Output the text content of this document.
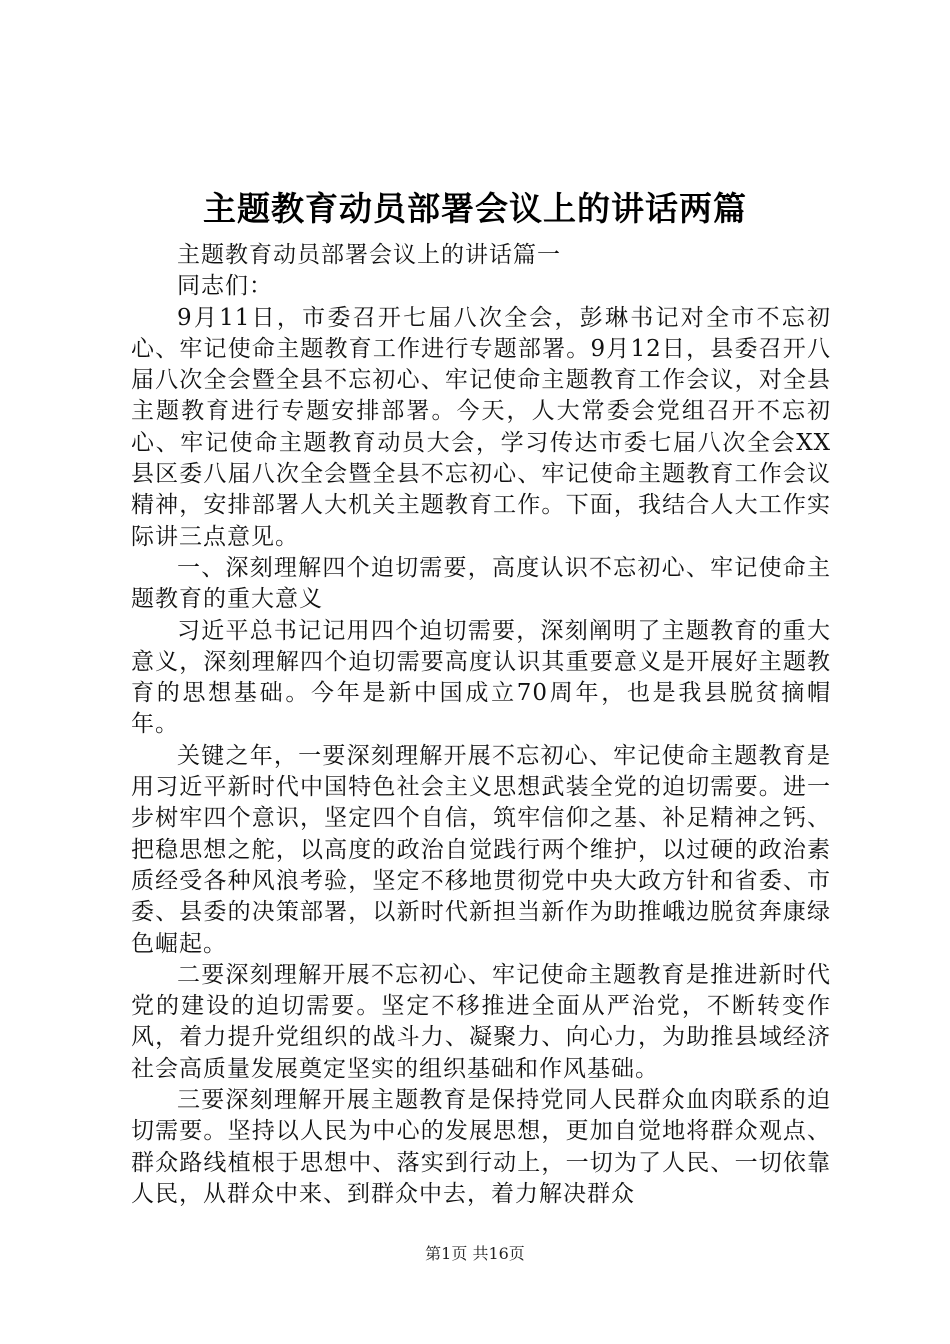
主题教育动员部署会议上的讲话两篇

主题教育动员部署会议上的讲话篇一

同志们：

9月11日，市委召开七届八次全会，彭琳书记对全市不忘初心、牢记使命主题教育工作进行专题部署。9月12日，县委召开八届八次全会暨全县不忘初心、牢记使命主题教育工作会议，对全县主题教育进行专题安排部署。今天，人大常委会党组召开不忘初心、牢记使命主题教育动员大会，学习传达市委七届八次全会XX县区委八届八次全会暨全县不忘初心、牢记使命主题教育工作会议精神，安排部署人大机关主题教育工作。下面，我结合人大工作实际讲三点意见。

一、深刻理解四个迫切需要，高度认识不忘初心、牢记使命主题教育的重大意义

习近平总书记记用四个迫切需要，深刻阐明了主题教育的重大意义，深刻理解四个迫切需要高度认识其重要意义是开展好主题教育的思想基础。今年是新中国成立70周年，也是我县脱贫摘帽年。

关键之年，一要深刻理解开展不忘初心、牢记使命主题教育是用习近平新时代中国特色社会主义思想武装全党的迫切需要。进一步树牢四个意识，坚定四个自信，筑牢信仰之基、补足精神之钙、把稳思想之舵，以高度的政治自觉践行两个维护，以过硬的政治素质经受各种风浪考验，坚定不移地贯彻党中央大政方针和省委、市委、县委的决策部署，以新时代新担当新作为助推峨边脱贫奔康绿色崛起。

二要深刻理解开展不忘初心、牢记使命主题教育是推进新时代党的建设的迫切需要。坚定不移推进全面从严治党，不断转变作风，着力提升党组织的战斗力、凝聚力、向心力，为助推县域经济社会高质量发展奠定坚实的组织基础和作风基础。

三要深刻理解开展主题教育是保持党同人民群众血肉联系的迫切需要。坚持以人民为中心的发展思想，更加自觉地将群众观点、群众路线植根于思想中、落实到行动上，一切为了人民、一切依靠人民，从群众中来、到群众中去，着力解决群众

第1页 共16页
